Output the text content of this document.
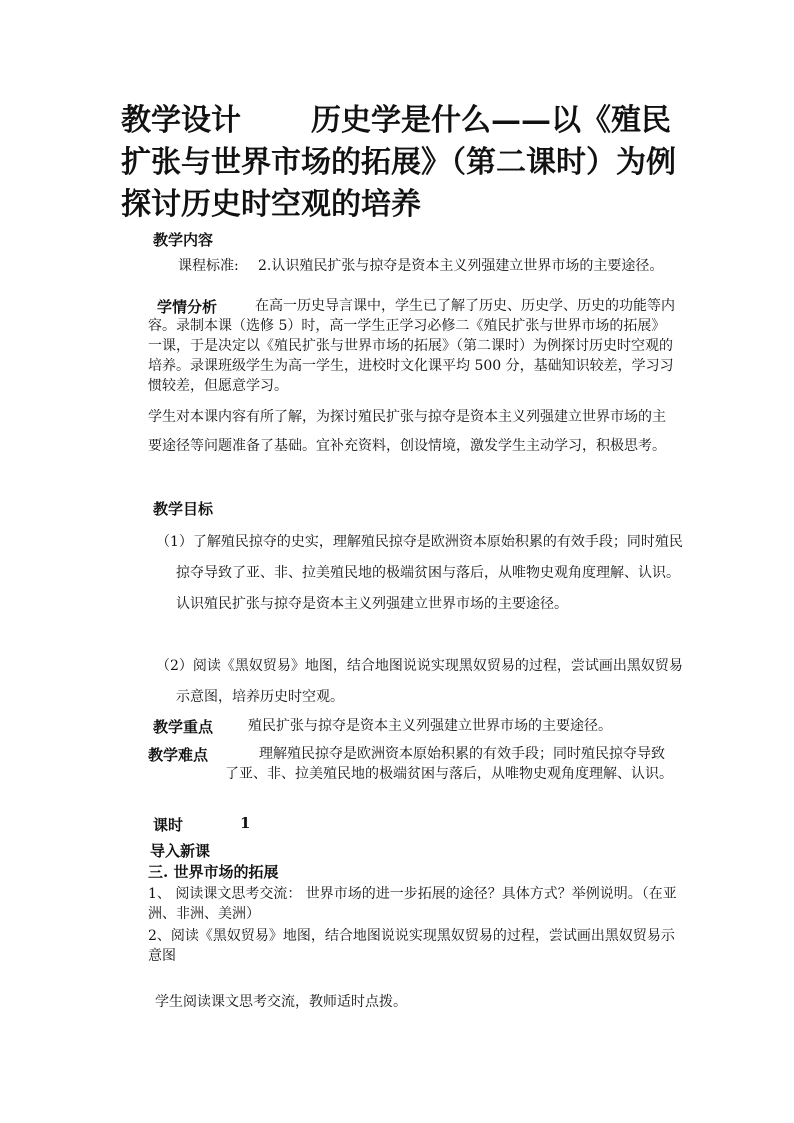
教学设计 历史学是什么——以《殖民扩张与世界市场的拓展》（第二课时）为例探讨历史时空观的培养
教学内容
课程标准: 2.认识殖民扩张与掠夺是资本主义列强建立世界市场的主要途径。
学情分析	在高一历史导言课中，学生已了解了历史、历史学、历史的功能等内容。录制本课（选修 5）时，高一学生正学习必修二《殖民扩张与世界市场的拓展》一课，于是决定以《殖民扩张与世界市场的拓展》（第二课时）为例探讨历史时空观的培养。录课班级学生为高一学生，进校时文化课平均 500 分，基础知识较差，学习习惯较差，但愿意学习。

学生对本课内容有所了解，为探讨殖民扩张与掠夺是资本主义列强建立世界市场的主要途径等问题准备了基础。宜补充资料，创设情境，激发学生主动学习，积极思考。

教学目标

（1）了解殖民掠夺的史实，理解殖民掠夺是欧洲资本原始积累的有效手段；同时殖民掠夺导致了亚、非、拉美殖民地的极端贫困与落后，从唯物史观角度理解、认识。认识殖民扩张与掠夺是资本主义列强建立世界市场的主要途径。

（2）阅读《黑奴贸易》地图，结合地图说说实现黑奴贸易的过程，尝试画出黑奴贸易示意图，培养历史时空观。

教学重点 殖民扩张与掠夺是资本主义列强建立世界市场的主要途径。
教学难点	理解殖民掠夺是欧洲资本原始积累的有效手段；同时殖民掠夺导致了亚、非、拉美殖民地的极端贫困与落后，从唯物史观角度理解、认识。

课时	1
导入新课
三. 世界市场的拓展

1、 阅读课文思考交流： 世界市场的进一步拓展的途径？具体方式？举例说明。（在亚洲、非洲、美洲）

2、阅读《黑奴贸易》地图，结合地图说说实现黑奴贸易的过程，尝试画出黑奴贸易示意图

学生阅读课文思考交流，教师适时点拨。
